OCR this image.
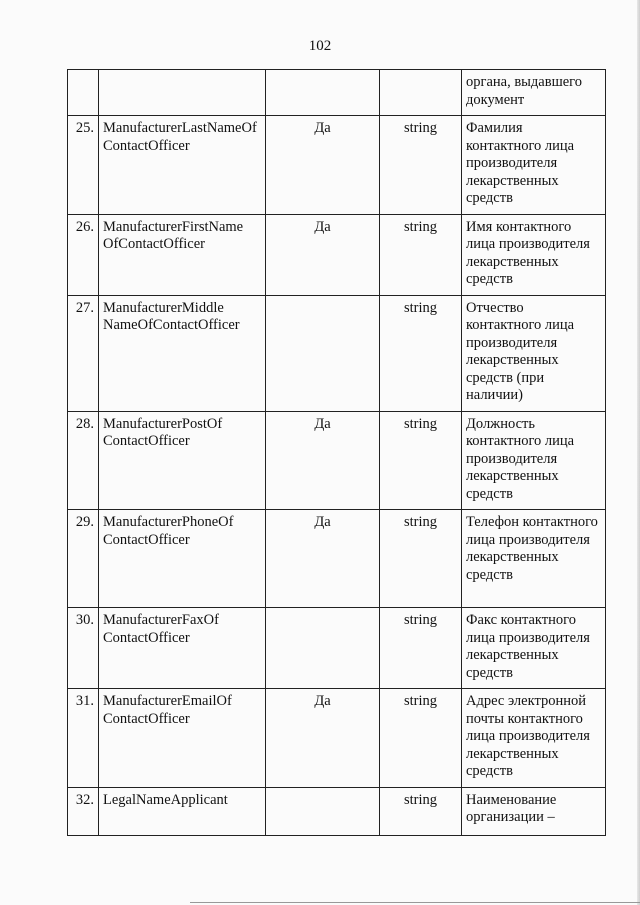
102
				органа, выдавшего документ
25.	ManufacturerLastNameOf ContactOfficer	Да	string	Фамилия контактного лица производителя лекарственных средств
26.	ManufacturerFirstName OfContactOfficer	Да	string	Имя контактного лица производителя лекарственных средств
27.	ManufacturerMiddle NameOfContactOfficer		string	Отчество контактного лица производителя лекарственных средств (при наличии)
28.	ManufacturerPostOf ContactOfficer	Да	string	Должность контактного лица производителя лекарственных средств
29.	ManufacturerPhoneOf ContactOfficer	Да	string	Телефон контактного лица производителя лекарственных средств
30.	ManufacturerFaxOf ContactOfficer		string	Факс контактного лица производителя лекарственных средств
31.	ManufacturerEmailOf ContactOfficer	Да	string	Адрес электронной почты контактного лица производителя лекарственных средств
32.	LegalNameApplicant		string	Наименование организации –
